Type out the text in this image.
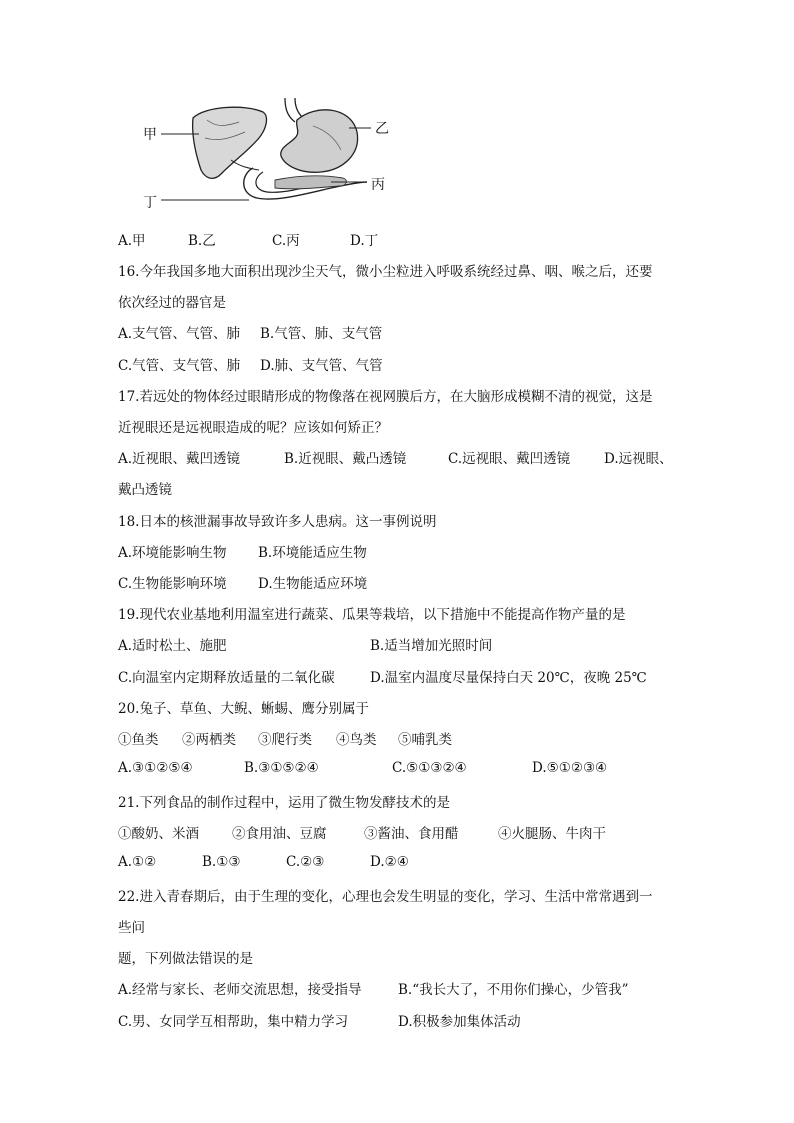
甲	乙
丙
丁
A.甲	B.乙	C.丙	D.丁
16.今年我国多地大面积出现沙尘天气，微小尘粒进入呼吸系统经过鼻、咽、喉之后，还要
依次经过的器官是
A.支气管、气管、肺 B.气管、肺、支气管
C.气管、支气管、肺 D.肺、支气管、气管
17.若远处的物体经过眼睛形成的物像落在视网膜后方，在大脑形成模糊不清的视觉，这是
近视眼还是远视眼造成的呢？应该如何矫正？
A.近视眼、戴凹透镜	B.近视眼、戴凸透镜	C.远视眼、戴凹透镜	D.远视眼、
戴凸透镜
18.日本的核泄漏事故导致许多人患病。这一事例说明
A.环境能影响生物 B.环境能适应生物
C.生物能影响环境 D.生物能适应环境
19.现代农业基地利用温室进行蔬菜、瓜果等栽培，以下措施中不能提高作物产量的是
A.适时松土、施肥	B.适当增加光照时间
C.向温室内定期释放适量的二氧化碳	D.温室内温度尽量保持白天 20℃，夜晚 25℃
20.兔子、草鱼、大鲵、蜥蜴、鹰分别属于
①鱼类 ②两栖类 ③爬行类 ④鸟类 ⑤哺乳类
A.③①②⑤④	B.③①⑤②④	C.⑤①③②④	D.⑤①②③④
21.下列食品的制作过程中，运用了微生物发酵技术的是
①酸奶、米酒 ②食用油、豆腐	③酱油、食用醋	④火腿肠、牛肉干
A.①②	B.①③	C.②③	D.②④
22.进入青春期后，由于生理的变化，心理也会发生明显的变化，学习、生活中常常遇到一
些问
题，下列做法错误的是
A.经常与家长、老师交流思想，接受指导	B.“我长大了，不用你们操心，少管我”
C.男、女同学互相帮助，集中精力学习	D.积极参加集体活动
